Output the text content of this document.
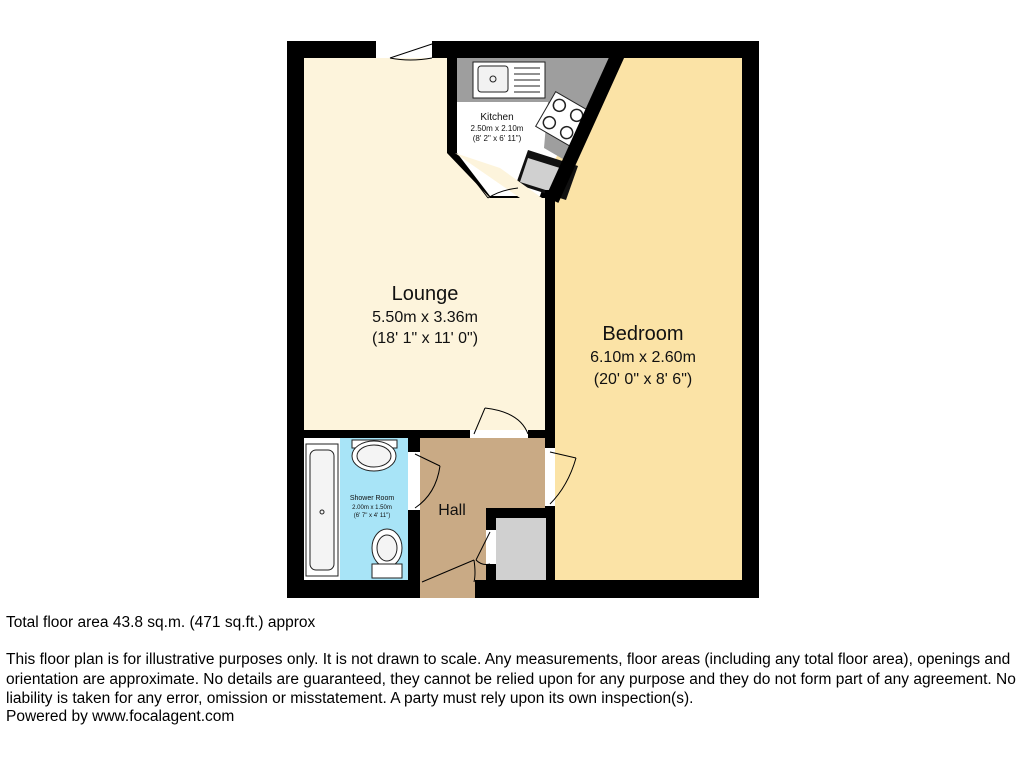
Lounge
5.50m x 3.36m
(18' 1" x 11' 0")	Bedroom
6.10m x 2.60m
(20' 0" x 8' 6")
Kitchen
2.50m x 2.10m
(8' 2" x 6' 11")
Shower Room
2.00m x 1.50m
(6' 7" x 4' 11")	Hall
Total floor area 43.8 sq.m. (471 sq.ft.) approx
This floor plan is for illustrative purposes only. It is not drawn to scale. Any measurements, floor areas (including any total floor area), openings and orientation are approximate. No details are guaranteed, they cannot be relied upon for any purpose and they do not form part of any agreement. No liability is taken for any error, omission or misstatement. A party must rely upon its own inspection(s).
Powered by www.focalagent.com
